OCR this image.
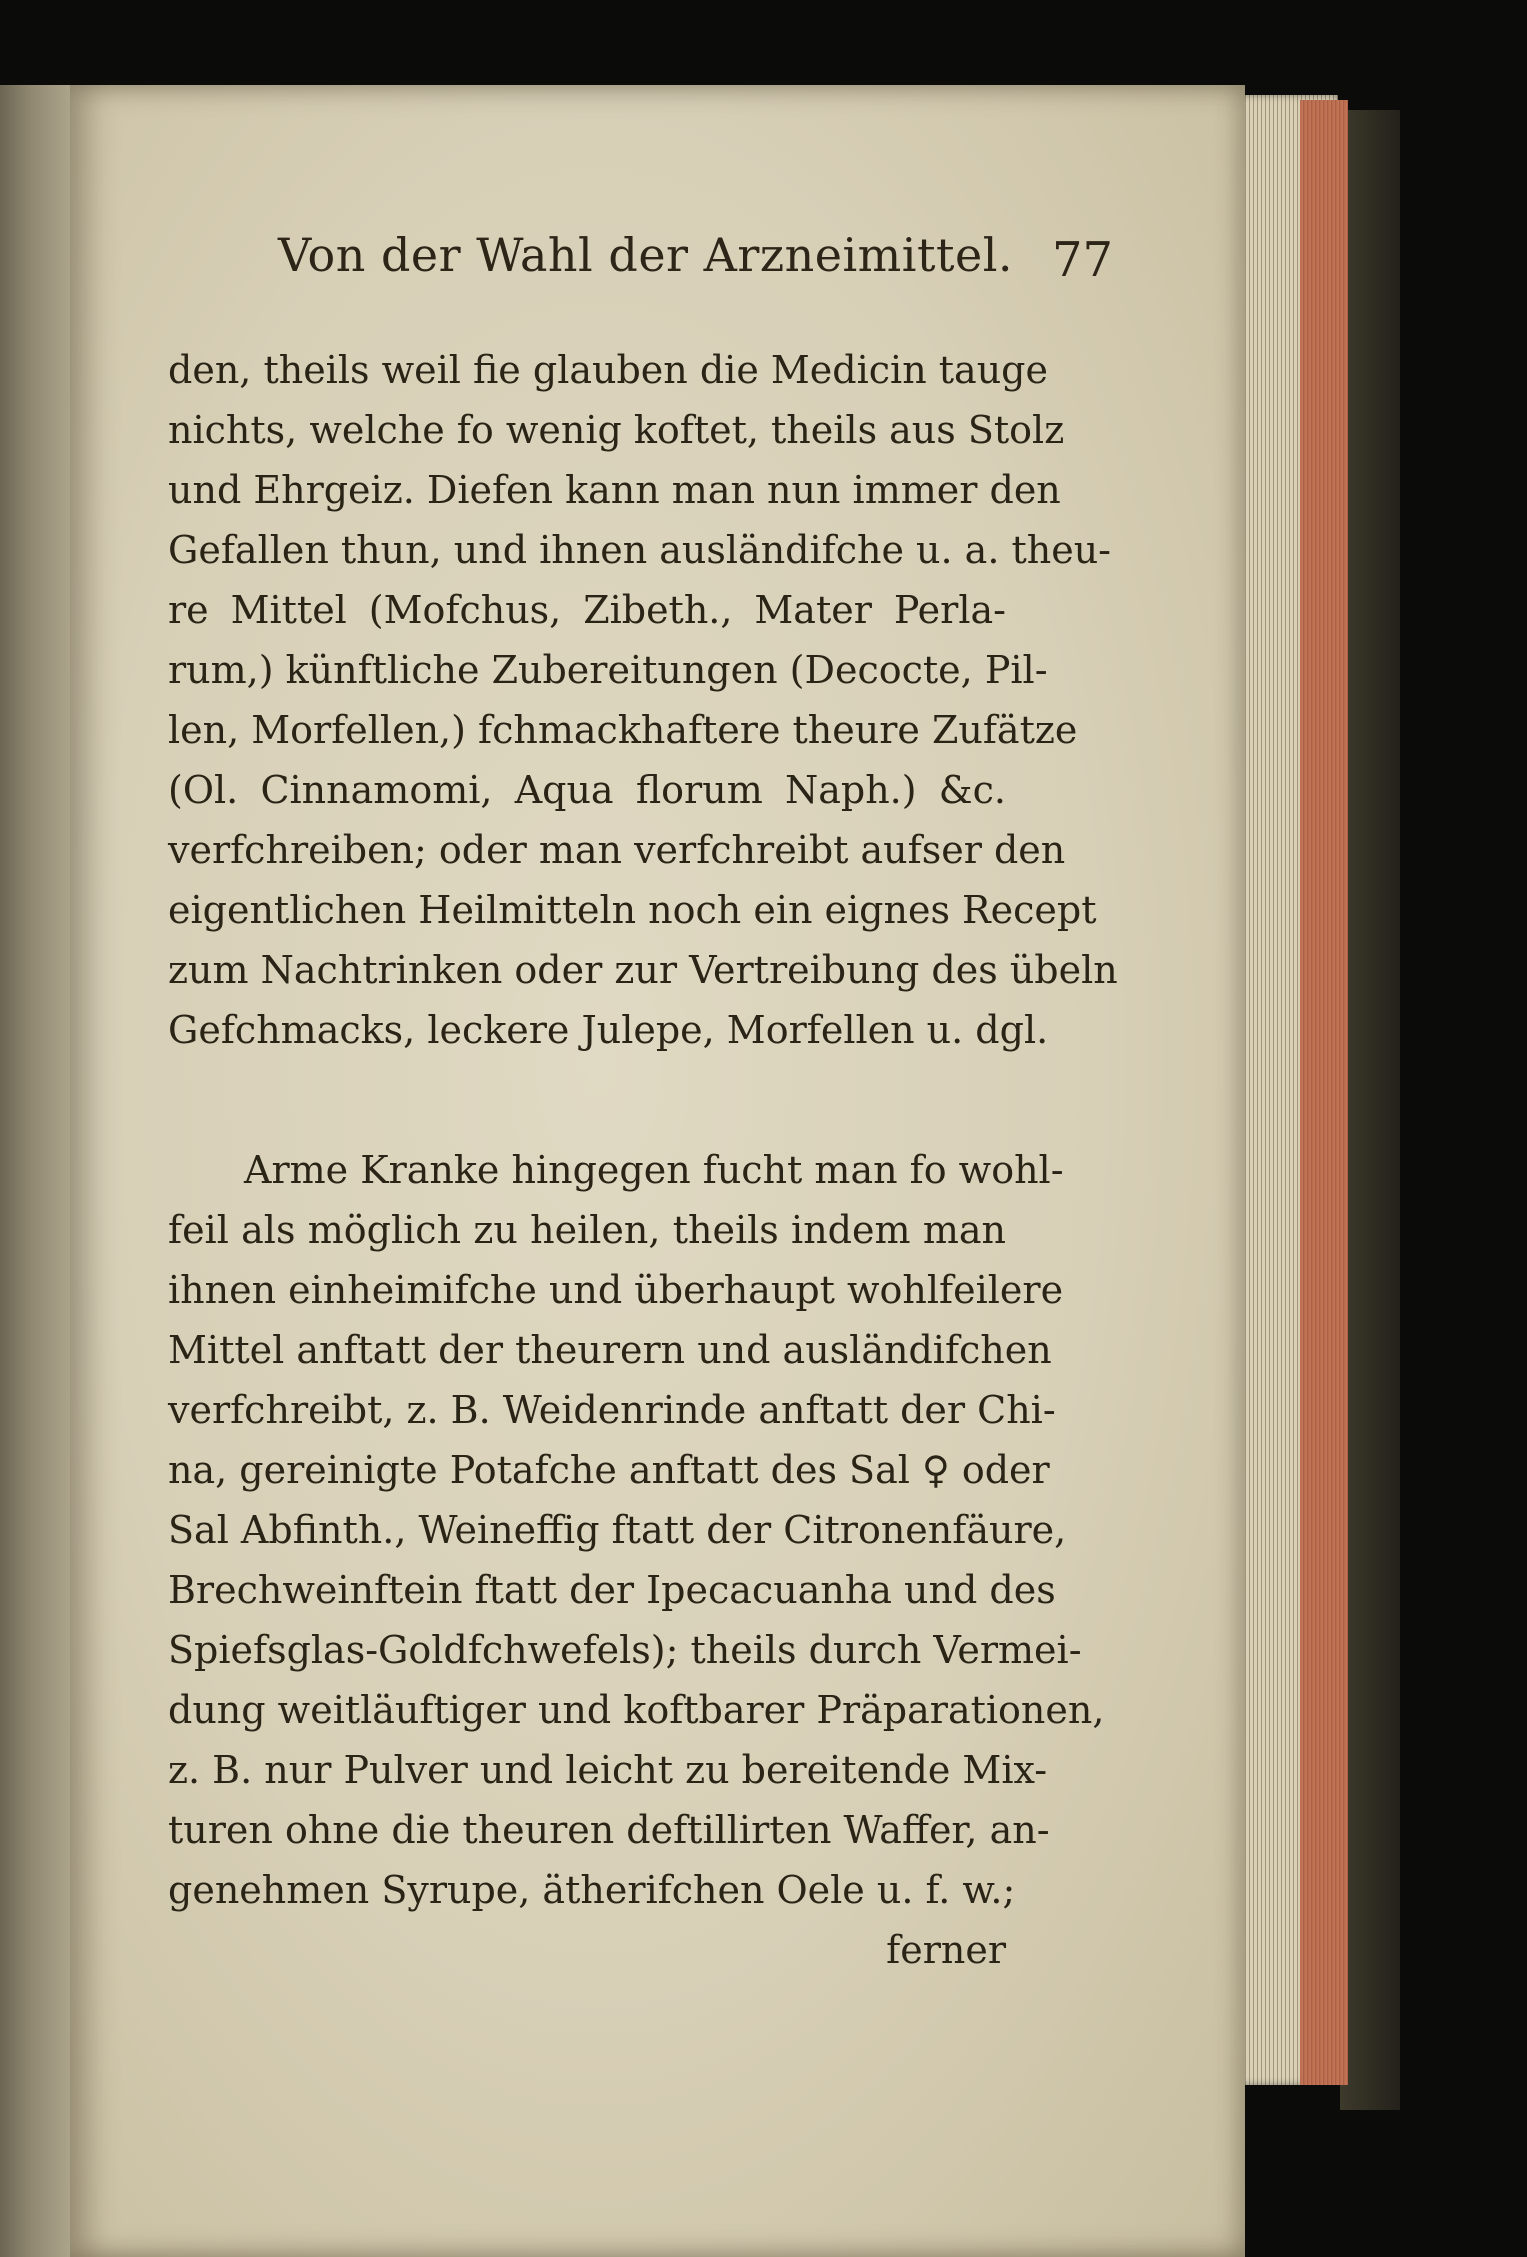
Von der Wahl der Arzneimittel. 77
den, theils weil fie glauben die Medicin tauge
nichts, welche fo wenig koftet, theils aus Stolz
und Ehrgeiz. Diefen kann man nun immer den
Gefallen thun, und ihnen ausländifche u. a. theu-
re Mittel (Mofchus, Zibeth., Mater Perla-
rum,) künftliche Zubereitungen (Decocte, Pil-
len, Morfellen,) fchmackhaftere theure Zufätze
(Ol. Cinnamomi, Aqua florum Naph.) &c.
verfchreiben; oder man verfchreibt aufser den
eigentlichen Heilmitteln noch ein eignes Recept
zum Nachtrinken oder zur Vertreibung des übeln
Gefchmacks, leckere Julepe, Morfellen u. dgl.
Arme Kranke hingegen fucht man fo wohl-
feil als möglich zu heilen, theils indem man
ihnen einheimifche und überhaupt wohlfeilere
Mittel anftatt der theurern und ausländifchen
verfchreibt, z. B. Weidenrinde anftatt der Chi-
na, gereinigte Potafche anftatt des Sal ♀ oder
Sal Abfinth., Weineffig ftatt der Citronenfäure,
Brechweinftein ftatt der Ipecacuanha und des
Spiefsglas-Goldfchwefels); theils durch Vermei-
dung weitläuftiger und koftbarer Präparationen,
z. B. nur Pulver und leicht zu bereitende Mix-
turen ohne die theuren deftillirten Waffer, an-
genehmen Syrupe, ätherifchen Oele u. f. w.;
ferner
